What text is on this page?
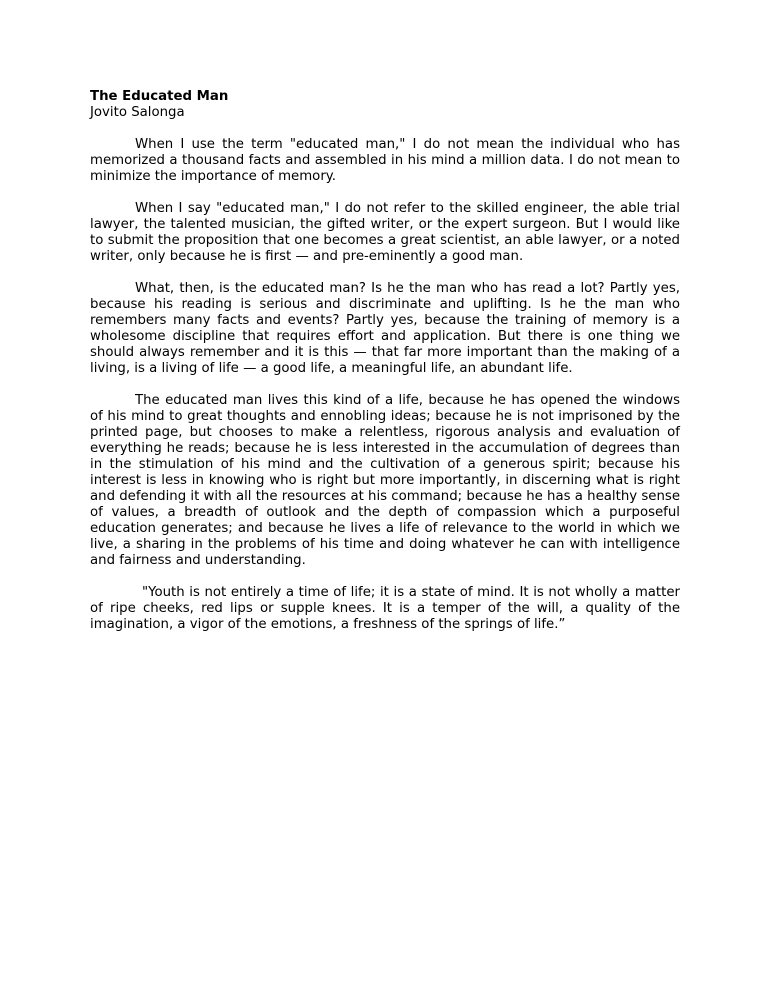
The Educated Man

Jovito Salonga

When I use the term "educated man," I do not mean the individual who has memorized a thousand facts and assembled in his mind a million data. I do not mean to minimize the importance of memory.

When I say "educated man," I do not refer to the skilled engineer, the able trial lawyer, the talented musician, the gifted writer, or the expert surgeon. But I would like to submit the proposition that one becomes a great scientist, an able lawyer, or a noted writer, only because he is first — and pre-eminently a good man.

What, then, is the educated man? Is he the man who has read a lot? Partly yes, because his reading is serious and discriminate and uplifting. Is he the man who remembers many facts and events? Partly yes, because the training of memory is a wholesome discipline that requires effort and application. But there is one thing we should always remember and it is this — that far more important than the making of a living, is a living of life — a good life, a meaningful life, an abundant life.

The educated man lives this kind of a life, because he has opened the windows of his mind to great thoughts and ennobling ideas; because he is not imprisoned by the printed page, but chooses to make a relentless, rigorous analysis and evaluation of everything he reads; because he is less interested in the accumulation of degrees than in the stimulation of his mind and the cultivation of a generous spirit; because his interest is less in knowing who is right but more importantly, in discerning what is right and defending it with all the resources at his command; because he has a healthy sense of values, a breadth of outlook and the depth of compassion which a purposeful education generates; and because he lives a life of relevance to the world in which we live, a sharing in the problems of his time and doing whatever he can with intelligence and fairness and understanding.

"Youth is not entirely a time of life; it is a state of mind. It is not wholly a matter of ripe cheeks, red lips or supple knees. It is a temper of the will, a quality of the imagination, a vigor of the emotions, a freshness of the springs of life.”
